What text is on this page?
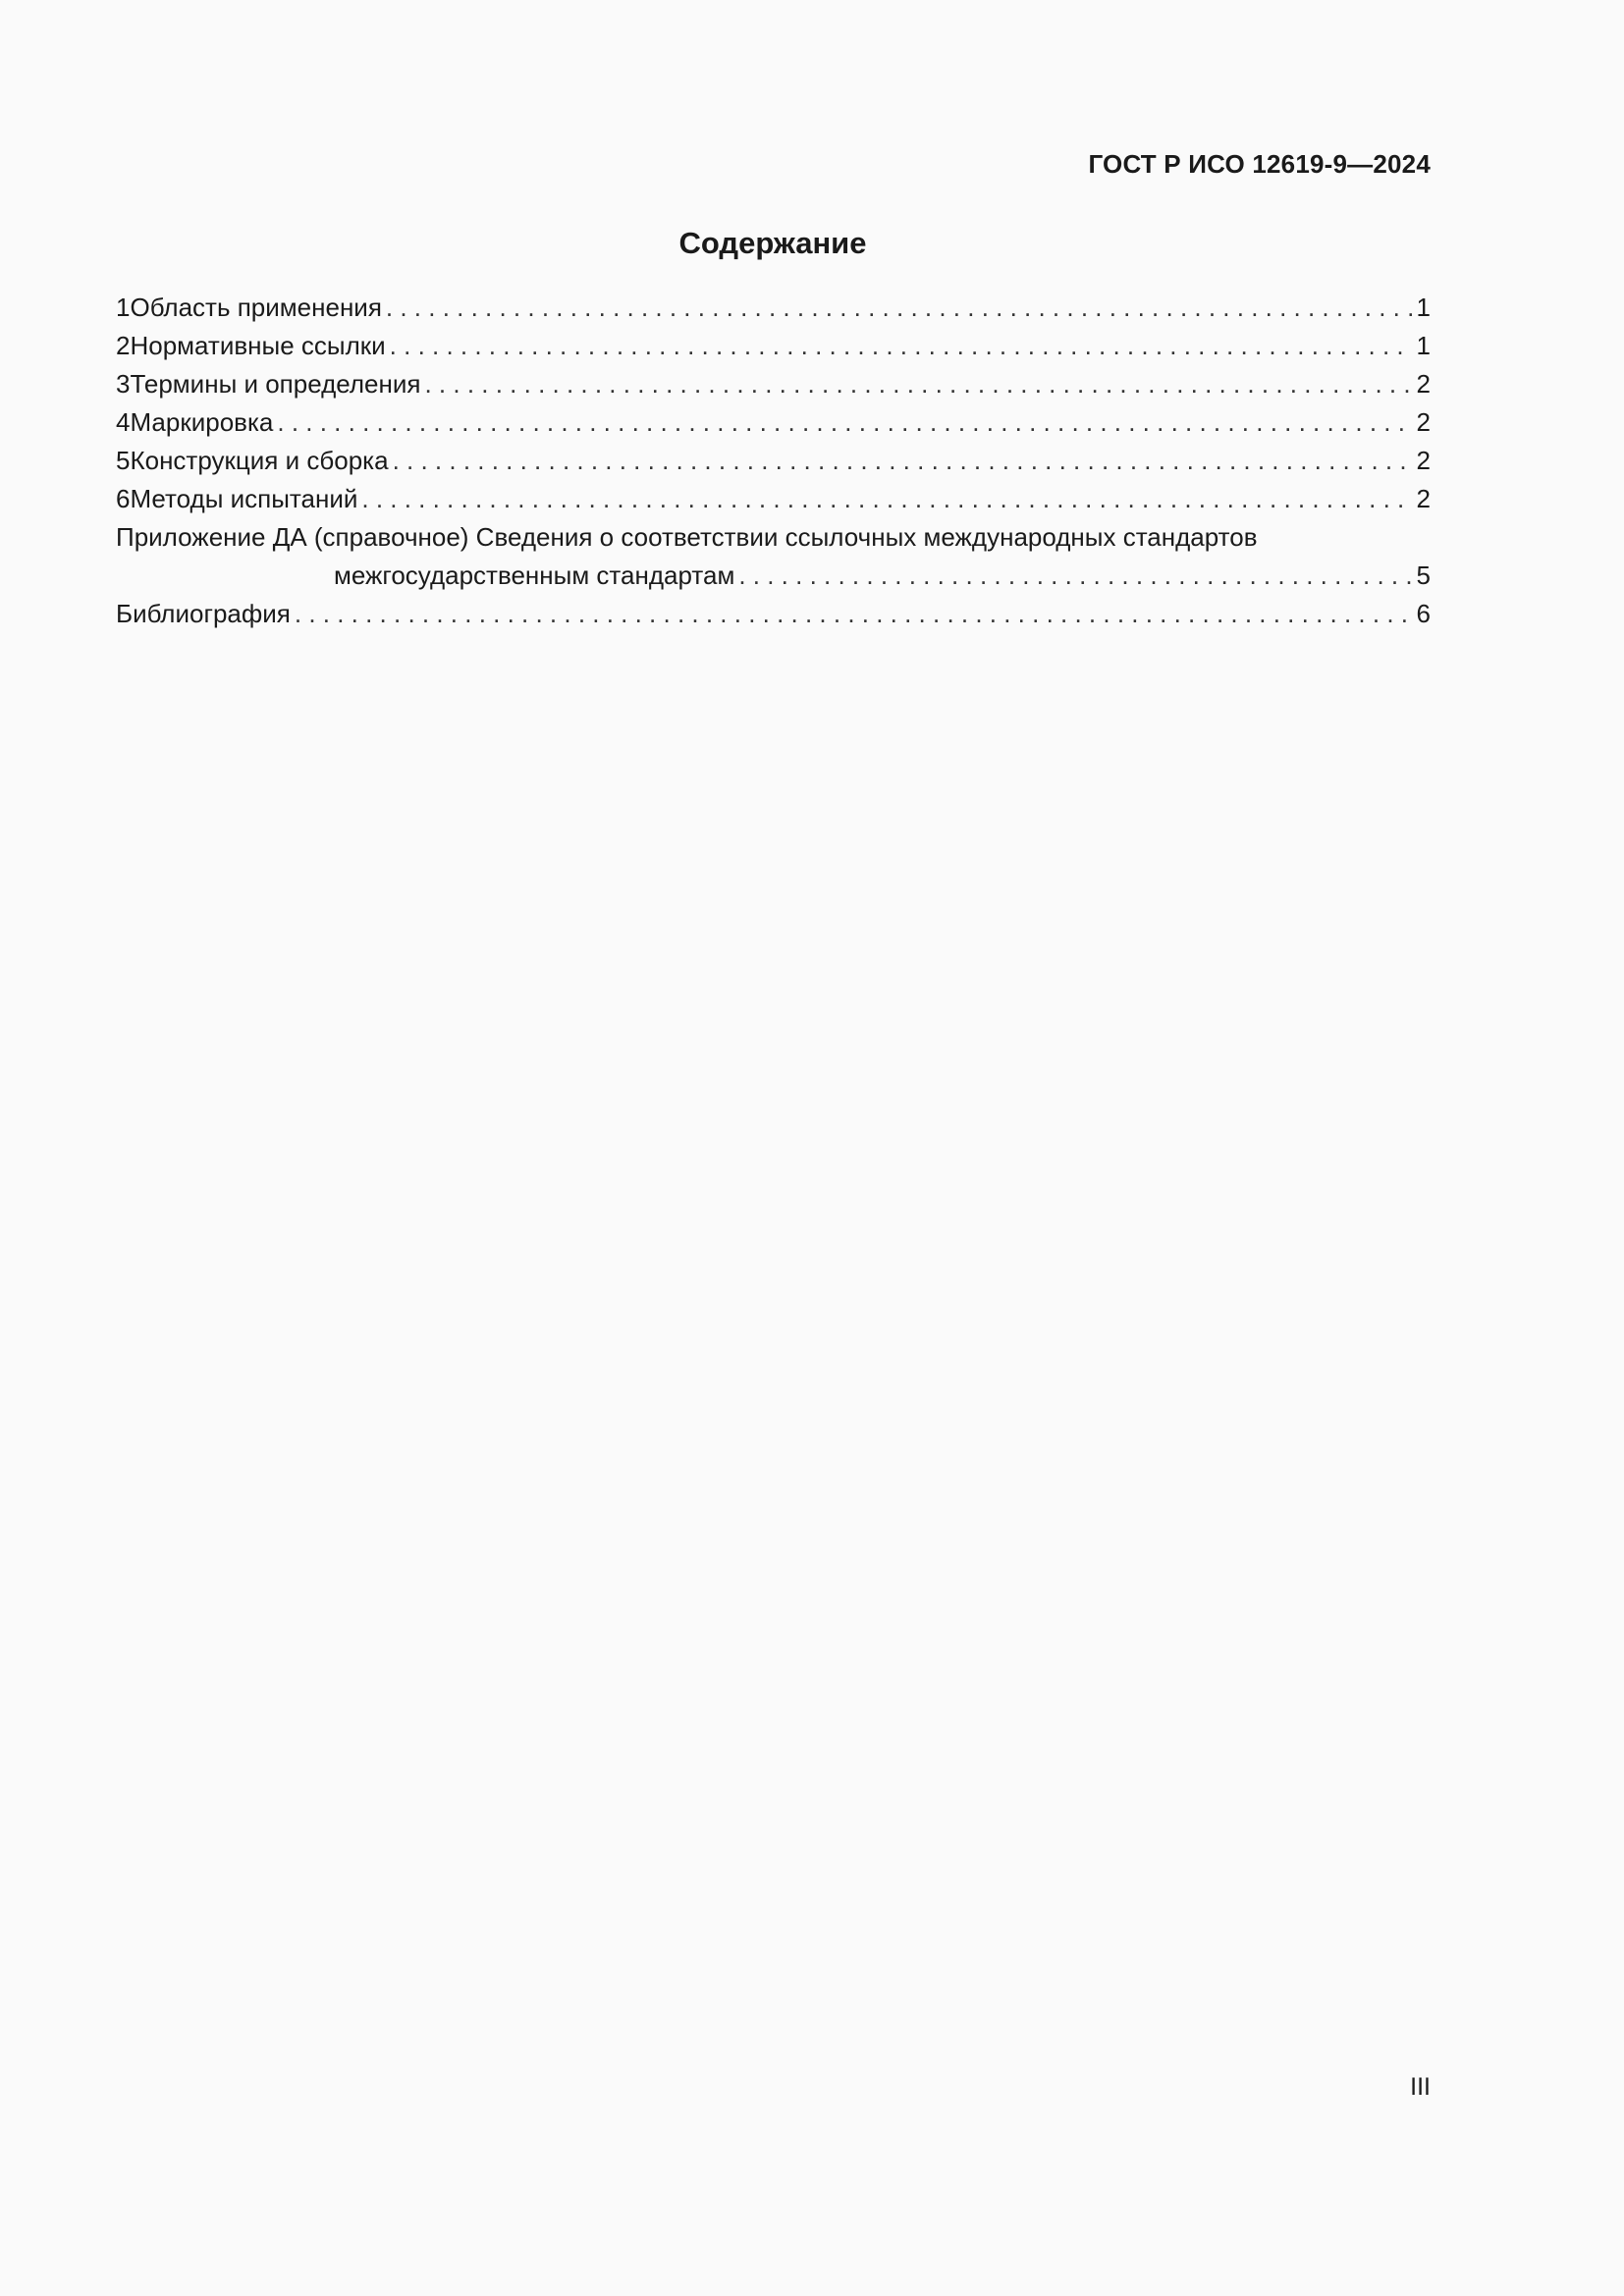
ГОСТ Р ИСО 12619-9—2024
Содержание
1 Область применения . . .	1
2 Нормативные ссылки . . .	1
3 Термины и определения . . .	2
4 Маркировка . . .	2
5 Конструкция и сборка . . .	2
6 Методы испытаний . . .	2
Приложение ДА (справочное) Сведения о соответствии ссылочных международных стандартов
межгосударственным стандартам . . .	5
Библиография . . .	6
III
